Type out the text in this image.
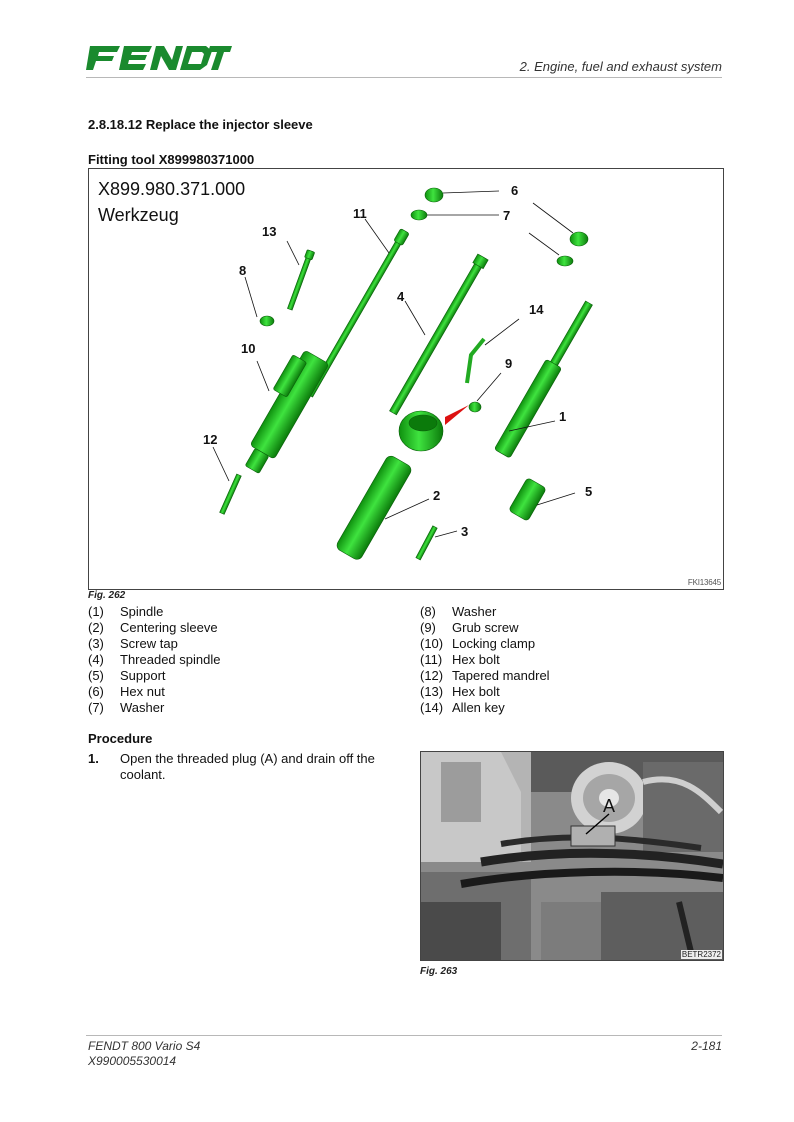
2. Engine, fuel and exhaust system
2.8.18.12 Replace the injector sleeve
Fitting tool X899980371000
X899.980.371.000
Werkzeug
6
7
11
13
8
4
14
10
9
1
12
5
2
3
FKI13645
Fig. 262
(1) Spindle
(2) Centering sleeve
(3) Screw tap
(4) Threaded spindle
(5) Support
(6) Hex nut
(7) Washer
(8) Washer
(9) Grub screw
(10) Locking clamp
(11) Hex bolt
(12) Tapered mandrel
(13) Hex bolt
(14) Allen key
Procedure
1. Open the threaded plug (A) and drain off the coolant.
A
BETR2372
Fig. 263
FENDT 800 Vario S4
X990005530014
2-181
